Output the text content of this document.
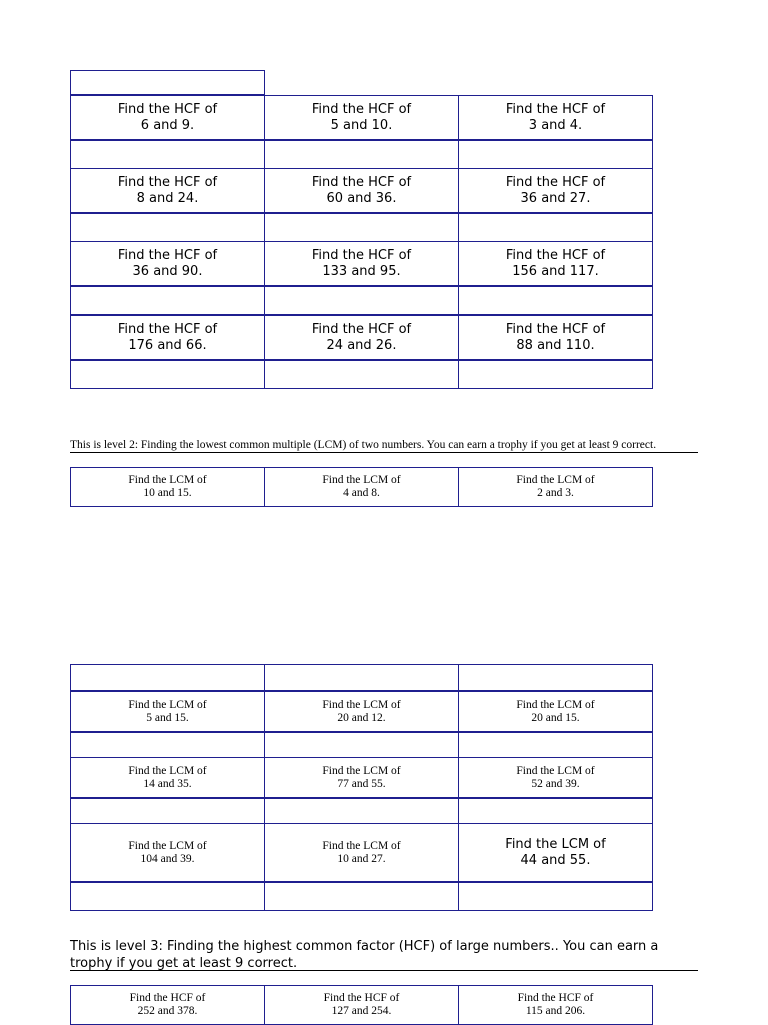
Find the HCF of
6 and 9.
Find the HCF of
5 and 10.
Find the HCF of
3 and 4.
Find the HCF of
8 and 24.
Find the HCF of
60 and 36.
Find the HCF of
36 and 27.
Find the HCF of
36 and 90.
Find the HCF of
133 and 95.
Find the HCF of
156 and 117.
Find the HCF of
176 and 66.
Find the HCF of
24 and 26.
Find the HCF of
88 and 110.
This is level 2: Finding the lowest common multiple (LCM) of two numbers. You can earn a trophy if you get at least 9 correct.
Find the LCM of
10 and 15.
Find the LCM of
4 and 8.
Find the LCM of
2 and 3.
Find the LCM of
5 and 15.
Find the LCM of
20 and 12.
Find the LCM of
20 and 15.
Find the LCM of
14 and 35.
Find the LCM of
77 and 55.
Find the LCM of
52 and 39.
Find the LCM of
104 and 39.
Find the LCM of
10 and 27.
Find the LCM of
44 and 55.
This is level 3: Finding the highest common factor (HCF) of large numbers.. You can earn a trophy if you get at least 9 correct.
Find the HCF of
252 and 378.
Find the HCF of
127 and 254.
Find the HCF of
115 and 206.
